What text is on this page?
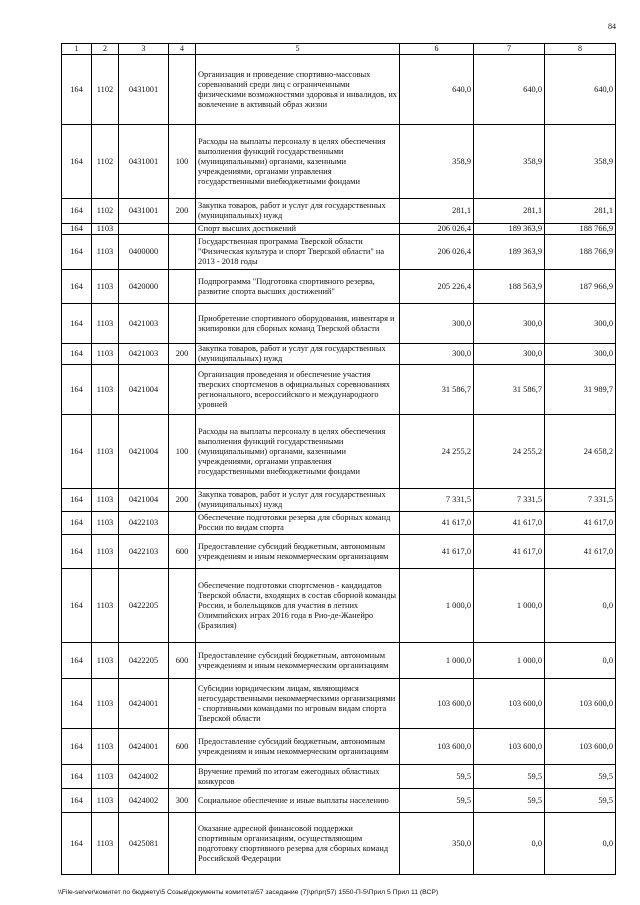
84
1	2	3	4	5	6	7	8
164	1102	0431001		Организация и проведение спортивно-массовых соревнований среди лиц с ограниченными физическими возможностями здоровья и инвалидов, их вовлечение в активный образ жизни	640,0	640,0	640,0
164	1102	0431001	100	Расходы на выплаты персоналу в целях обеспечения выполнения функций государственными (муниципальными) органами, казенными учреждениями, органами управления государственными внебюджетными фондами	358,9	358,9	358,9
164	1102	0431001	200	Закупка товаров, работ и услуг для государственных (муниципальных) нужд	281,1	281,1	281,1
164	1103			Спорт высших достижений	206 026,4	189 363,9	188 766,9
164	1103	0400000		Государственная программа Тверской области "Физическая культура и спорт Тверской области" на 2013 - 2018 годы	206 026,4	189 363,9	188 766,9
164	1103	0420000		Подпрограмма "Подготовка спортивного резерва, развитие спорта высших достижений"	205 226,4	188 563,9	187 966,9
164	1103	0421003		Приобретение спортивного оборудования, инвентаря и экипировки для сборных команд Тверской области	300,0	300,0	300,0
164	1103	0421003	200	Закупка товаров, работ и услуг для государственных (муниципальных) нужд	300,0	300,0	300,0
164	1103	0421004		Организация проведения и обеспечение участия тверских спортсменов в официальных соревнованиях регионального, всероссийского и международного уровней	31 586,7	31 586,7	31 989,7
164	1103	0421004	100	Расходы на выплаты персоналу в целях обеспечения выполнения функций государственными (муниципальными) органами, казенными учреждениями, органами управления государственными внебюджетными фондами	24 255,2	24 255,2	24 658,2
164	1103	0421004	200	Закупка товаров, работ и услуг для государственных (муниципальных) нужд	7 331,5	7 331,5	7 331,5
164	1103	0422103		Обеспечение подготовки резерва для сборных команд России по видам спорта	41 617,0	41 617,0	41 617,0
164	1103	0422103	600	Предоставление субсидий бюджетным, автономным учреждениям и иным некоммерческим организациям	41 617,0	41 617,0	41 617,0
164	1103	0422205		Обеспечение подготовки спортсменов - кандидатов Тверской области, входящих в состав сборной команды России, и болельщиков для участия в летних Олимпийских играх 2016 года в Рио-де-Жанейро (Бразилия)	1 000,0	1 000,0	0,0
164	1103	0422205	600	Предоставление субсидий бюджетным, автономным учреждениям и иным некоммерческим организациям	1 000,0	1 000,0	0,0
164	1103	0424001		Субсидии юридическим лицам, являющимся негосударственными некоммерческими организациями - спортивными командами по игровым видам спорта Тверской области	103 600,0	103 600,0	103 600,0
164	1103	0424001	600	Предоставление субсидий бюджетным, автономным учреждениям и иным некоммерческим организациям	103 600,0	103 600,0	103 600,0
164	1103	0424002		Вручение премий по итогам ежегодных областных конкурсов	59,5	59,5	59,5
164	1103	0424002	300	Социальное обеспечение и иные выплаты населению	59,5	59,5	59,5
164	1103	0425081		Оказание адресной финансовой поддержки спортивным организациям, осуществляющим подготовку спортивного резерва для сборных команд Российской Федерации	350,0	0,0	0,0
\\File-server\комитет по бюджету\5 Созыв\документы комитета\57 заседание (7)\pr\pr(57) 1550-П-5\Прил 5 Прил 11 (ВСР)
